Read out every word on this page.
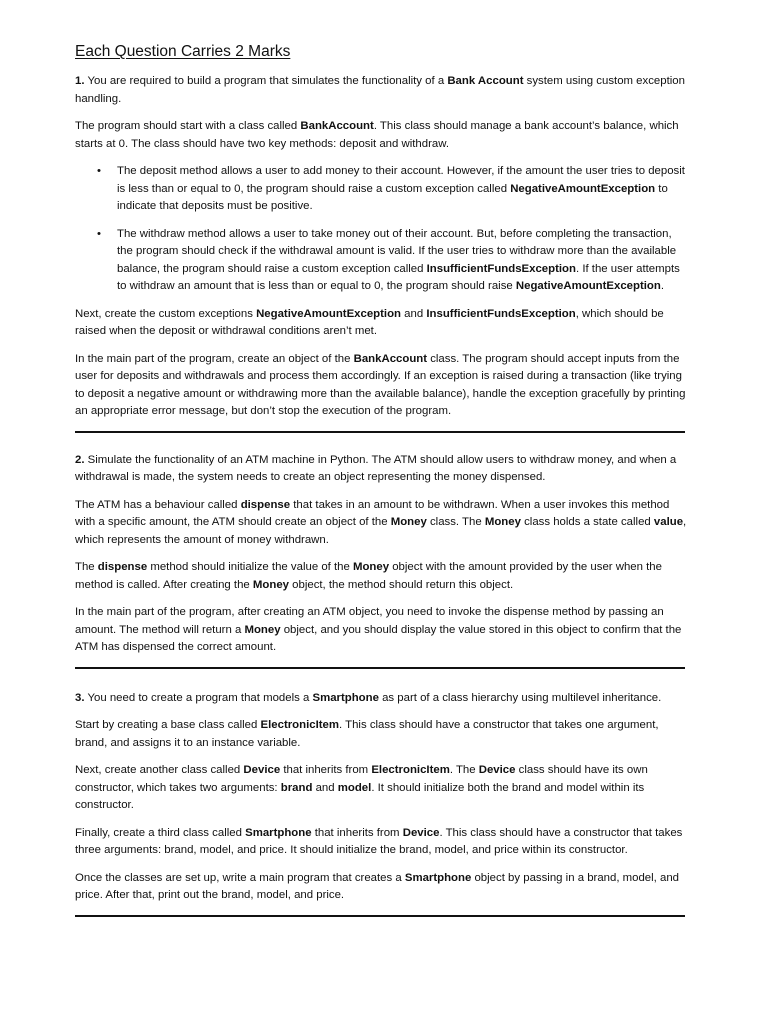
Each Question Carries 2 Marks

1. You are required to build a program that simulates the functionality of a Bank Account system using custom exception handling.

The program should start with a class called BankAccount. This class should manage a bank account’s balance, which starts at 0. The class should have two key methods: deposit and withdraw.

• The deposit method allows a user to add money to their account. However, if the amount the user tries to deposit is less than or equal to 0, the program should raise a custom exception called NegativeAmountException to indicate that deposits must be positive.
• The withdraw method allows a user to take money out of their account. But, before completing the transaction, the program should check if the withdrawal amount is valid. If the user tries to withdraw more than the available balance, the program should raise a custom exception called InsufficientFundsException. If the user attempts to withdraw an amount that is less than or equal to 0, the program should raise NegativeAmountException.

Next, create the custom exceptions NegativeAmountException and InsufficientFundsException, which should be raised when the deposit or withdrawal conditions aren’t met.

In the main part of the program, create an object of the BankAccount class. The program should accept inputs from the user for deposits and withdrawals and process them accordingly. If an exception is raised during a transaction (like trying to deposit a negative amount or withdrawing more than the available balance), handle the exception gracefully by printing an appropriate error message, but don’t stop the execution of the program.

2. Simulate the functionality of an ATM machine in Python. The ATM should allow users to withdraw money, and when a withdrawal is made, the system needs to create an object representing the money dispensed.

The ATM has a behaviour called dispense that takes in an amount to be withdrawn. When a user invokes this method with a specific amount, the ATM should create an object of the Money class. The Money class holds a state called value, which represents the amount of money withdrawn.

The dispense method should initialize the value of the Money object with the amount provided by the user when the method is called. After creating the Money object, the method should return this object.

In the main part of the program, after creating an ATM object, you need to invoke the dispense method by passing an amount. The method will return a Money object, and you should display the value stored in this object to confirm that the ATM has dispensed the correct amount.

3. You need to create a program that models a Smartphone as part of a class hierarchy using multilevel inheritance.

Start by creating a base class called ElectronicItem. This class should have a constructor that takes one argument, brand, and assigns it to an instance variable.

Next, create another class called Device that inherits from ElectronicItem. The Device class should have its own constructor, which takes two arguments: brand and model. It should initialize both the brand and model within its constructor.

Finally, create a third class called Smartphone that inherits from Device. This class should have a constructor that takes three arguments: brand, model, and price. It should initialize the brand, model, and price within its constructor.

Once the classes are set up, write a main program that creates a Smartphone object by passing in a brand, model, and price. After that, print out the brand, model, and price.
